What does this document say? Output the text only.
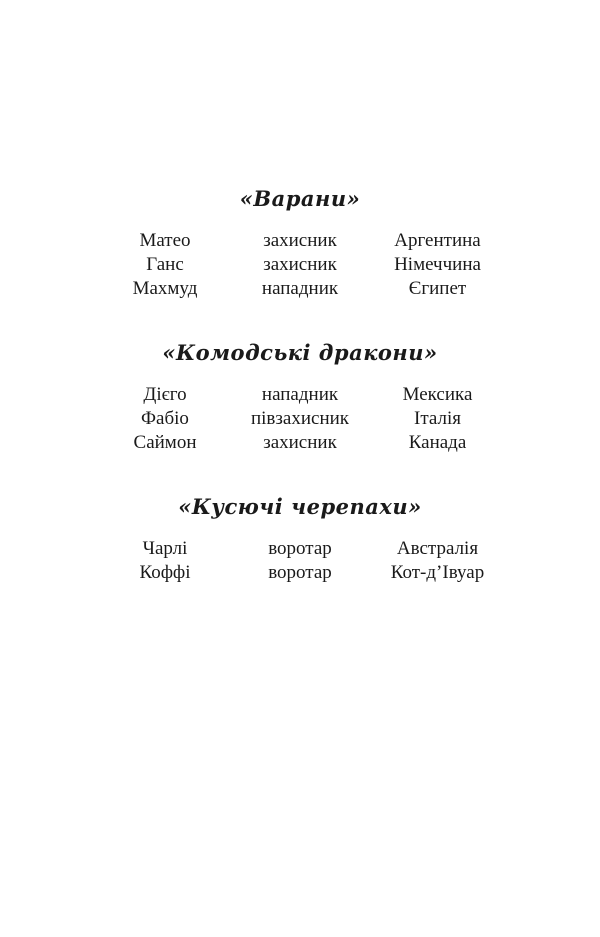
«Варани»
Матео	захисник	Аргентина
Ганс	захисник	Німеччина
Махмуд	нападник	Єгипет
«Комодські дракони»
Дієго	нападник	Мексика
Фабіо	півзахисник	Італія
Саймон	захисник	Канада
«Кусючі черепахи»
Чарлі	воротар	Австралія
Коффі	воротар	Кот-д’Івуар
